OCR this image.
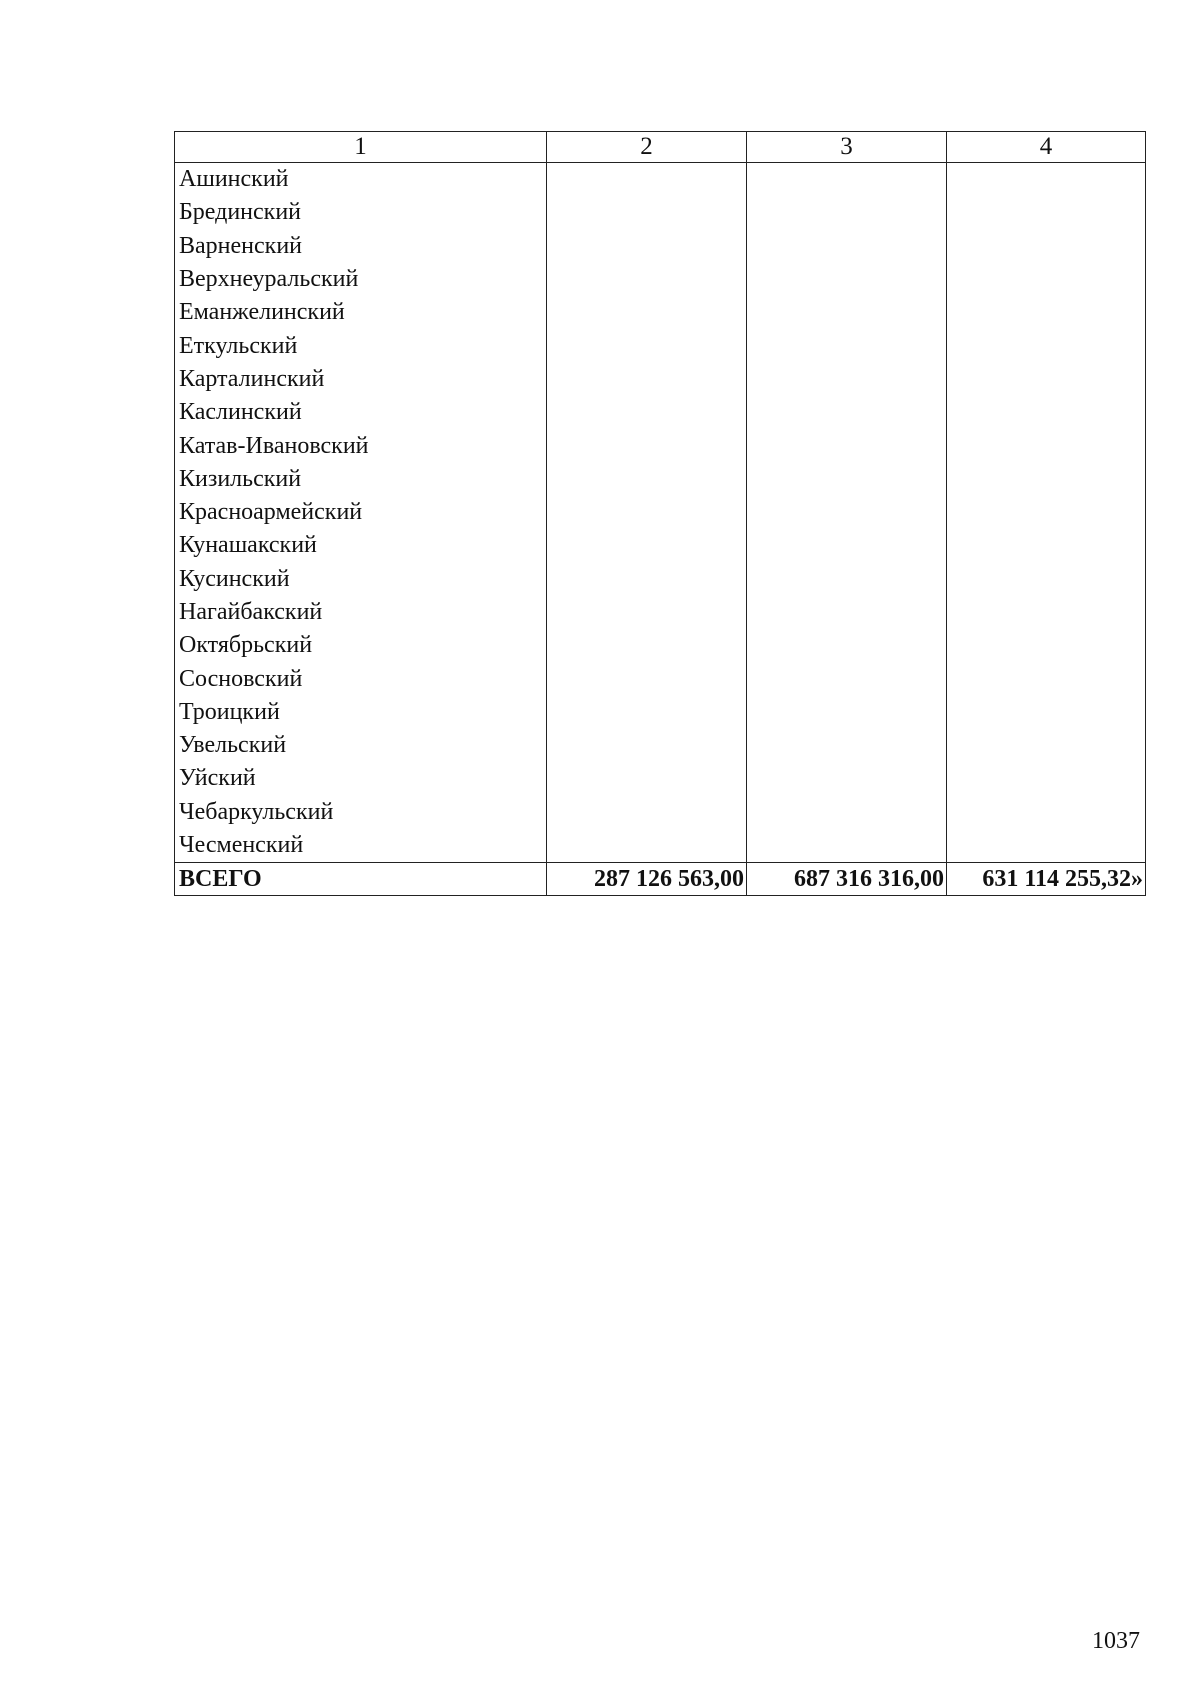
1	2	3	4
Ашинский			
Брединский			
Варненский			
Верхнеуральский			
Еманжелинский			
Еткульский			
Карталинский			
Каслинский			
Катав-Ивановский			
Кизильский			
Красноармейский			
Кунашакский			
Кусинский			
Нагайбакский			
Октябрьский			
Сосновский			
Троицкий			
Увельский			
Уйский			
Чебаркульский			
Чесменский			
ВСЕГО	287 126 563,00	687 316 316,00	631 114 255,32»
1037
